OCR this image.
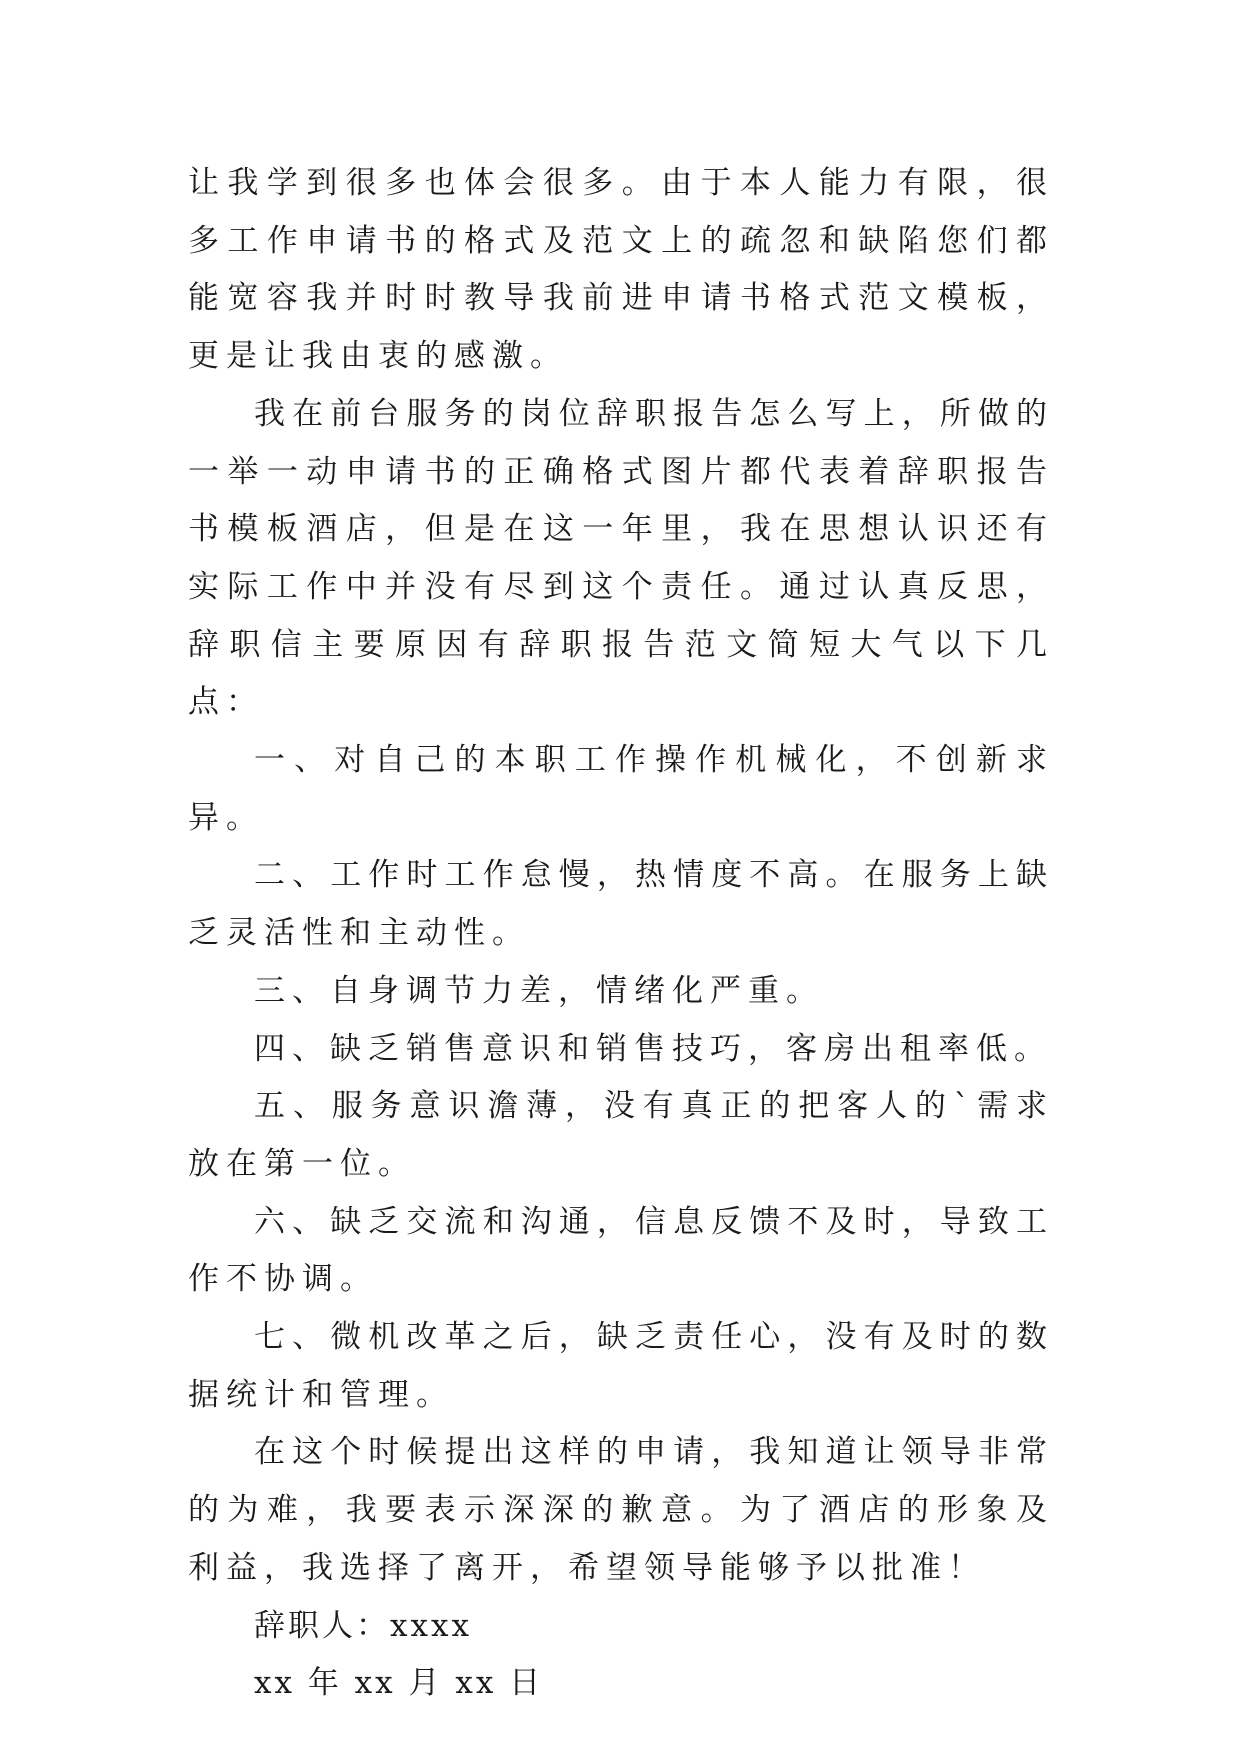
让我学到很多也体会很多。由于本人能力有限，很多工作申请书的格式及范文上的疏忽和缺陷您们都能宽容我并时时教导我前进申请书格式范文模板，更是让我由衷的感激。

我在前台服务的岗位辞职报告怎么写上，所做的一举一动申请书的正确格式图片都代表着辞职报告书模板酒店，但是在这一年里，我在思想认识还有实际工作中并没有尽到这个责任。通过认真反思，辞职信主要原因有辞职报告范文简短大气以下几点：

一、对自己的本职工作操作机械化，不创新求异。

二、工作时工作怠慢，热情度不高。在服务上缺乏灵活性和主动性。

三、自身调节力差，情绪化严重。

四、缺乏销售意识和销售技巧，客房出租率低。

五、服务意识澹薄，没有真正的把客人的`需求放在第一位。

六、缺乏交流和沟通，信息反馈不及时，导致工作不协调。

七、微机改革之后，缺乏责任心，没有及时的数据统计和管理。

在这个时候提出这样的申请，我知道让领导非常的为难，我要表示深深的歉意。为了酒店的形象及利益，我选择了离开，希望领导能够予以批准！

辞职人：xxxx

xx 年 xx 月 xx 日
